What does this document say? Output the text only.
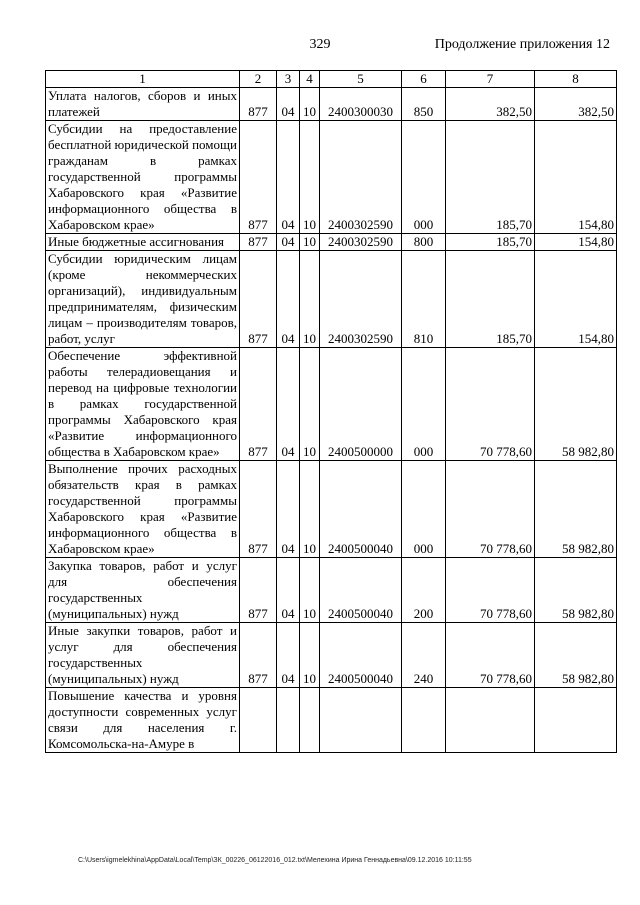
329	Продолжение приложения 12
1	2	3	4	5	6	7	8
Уплата налогов, сборов и иных платежей	877	04	10	2400300030	850	382,50	382,50
Субсидии на предоставление бесплатной юридической помощи гражданам в рамках государственной программы Хабаровского края «Развитие информационного общества в Хабаровском крае»	877	04	10	2400302590	000	185,70	154,80
Иные бюджетные ассигнования	877	04	10	2400302590	800	185,70	154,80
Субсидии юридическим лицам (кроме некоммерческих организаций), индивидуальным предпринимателям, физическим лицам – производителям товаров, работ, услуг	877	04	10	2400302590	810	185,70	154,80
Обеспечение эффективной работы телерадиовещания и перевод на цифровые технологии в рамках государственной программы Хабаровского края «Развитие информационного общества в Хабаровском крае»	877	04	10	2400500000	000	70 778,60	58 982,80
Выполнение прочих расходных обязательств края в рамках государственной программы Хабаровского края «Развитие информационного общества в Хабаровском крае»	877	04	10	2400500040	000	70 778,60	58 982,80
Закупка товаров, работ и услуг для обеспечения государственных (муниципальных) нужд	877	04	10	2400500040	200	70 778,60	58 982,80
Иные закупки товаров, работ и услуг для обеспечения государственных (муниципальных) нужд	877	04	10	2400500040	240	70 778,60	58 982,80
Повышение качества и уровня доступности современных услуг связи для населения г. Комсомольска-на-Амуре в							
C:\Users\igmelekhina\AppData\Local\Temp\ЗК_00226_06122016_012.txt\Мелехина Ирина Геннадьевна\09.12.2016 10:11:55
